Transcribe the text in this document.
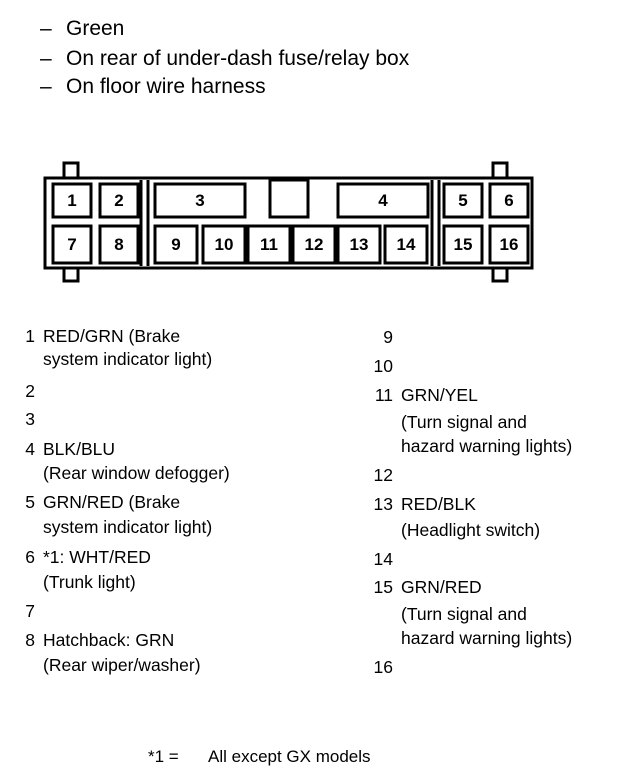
– Green
– On rear of under-dash fuse/relay box
– On floor wire harness
1 2	3	4	5 6
7 8	9 10 11 12 13 14 15 16
1 RED/GRN (Brake
system indicator light)
2
3
4 BLK/BLU
(Rear window defogger)
5 GRN/RED (Brake
system indicator light)
6 *1: WHT/RED
(Trunk light)
7
8 Hatchback: GRN
(Rear wiper/washer)
9
10
11 GRN/YEL
(Turn signal and
hazard warning lights)
12
13 RED/BLK
(Headlight switch)
14
15 GRN/RED
(Turn signal and
hazard warning lights)
16
*1 = All except GX models
